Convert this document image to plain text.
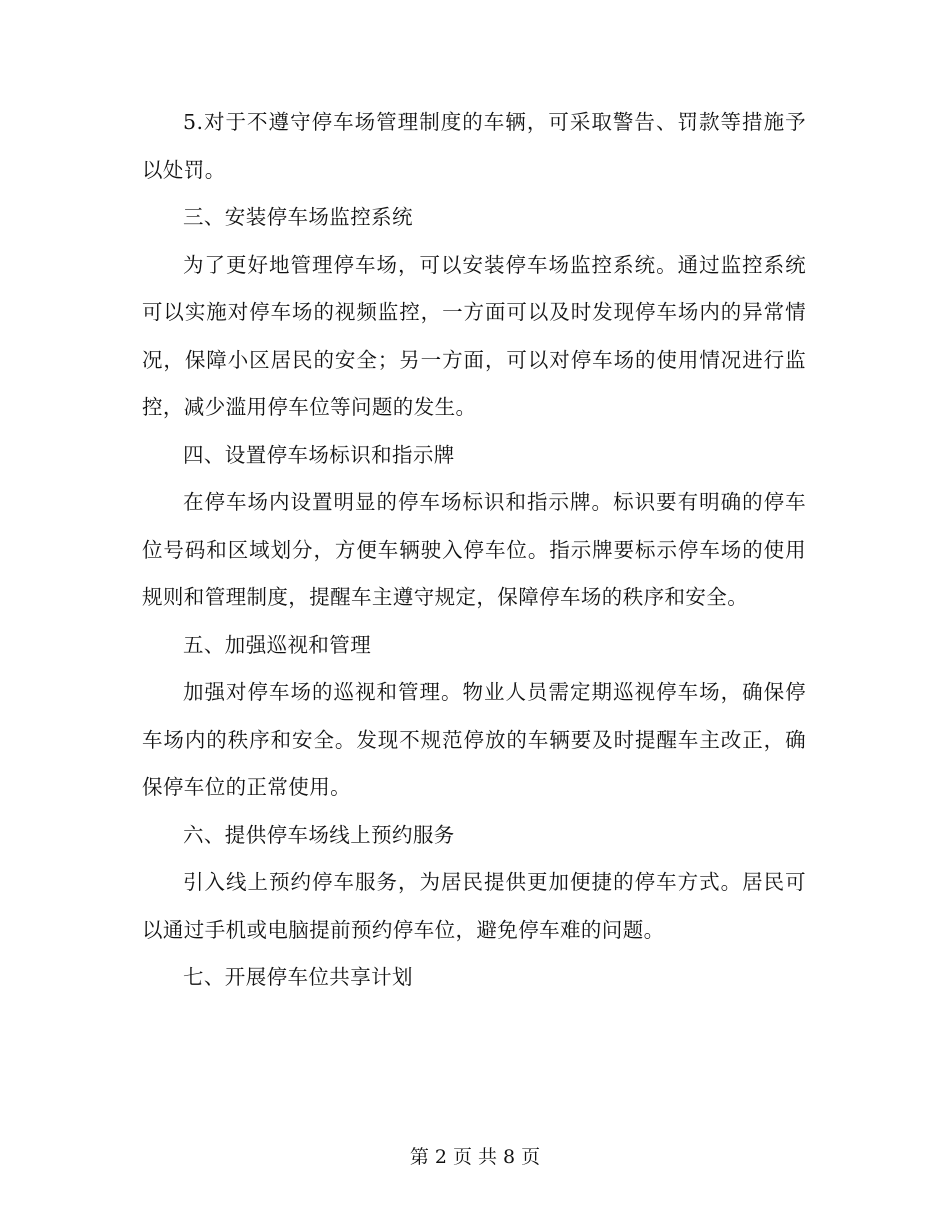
5.对于不遵守停车场管理制度的车辆，可采取警告、罚款等措施予以处罚。

三、安装停车场监控系统

为了更好地管理停车场，可以安装停车场监控系统。通过监控系统可以实施对停车场的视频监控，一方面可以及时发现停车场内的异常情况，保障小区居民的安全；另一方面，可以对停车场的使用情况进行监控，减少滥用停车位等问题的发生。

四、设置停车场标识和指示牌

在停车场内设置明显的停车场标识和指示牌。标识要有明确的停车位号码和区域划分，方便车辆驶入停车位。指示牌要标示停车场的使用规则和管理制度，提醒车主遵守规定，保障停车场的秩序和安全。

五、加强巡视和管理

加强对停车场的巡视和管理。物业人员需定期巡视停车场，确保停车场内的秩序和安全。发现不规范停放的车辆要及时提醒车主改正，确保停车位的正常使用。

六、提供停车场线上预约服务

引入线上预约停车服务，为居民提供更加便捷的停车方式。居民可以通过手机或电脑提前预约停车位，避免停车难的问题。

七、开展停车位共享计划

第 2 页 共 8 页
